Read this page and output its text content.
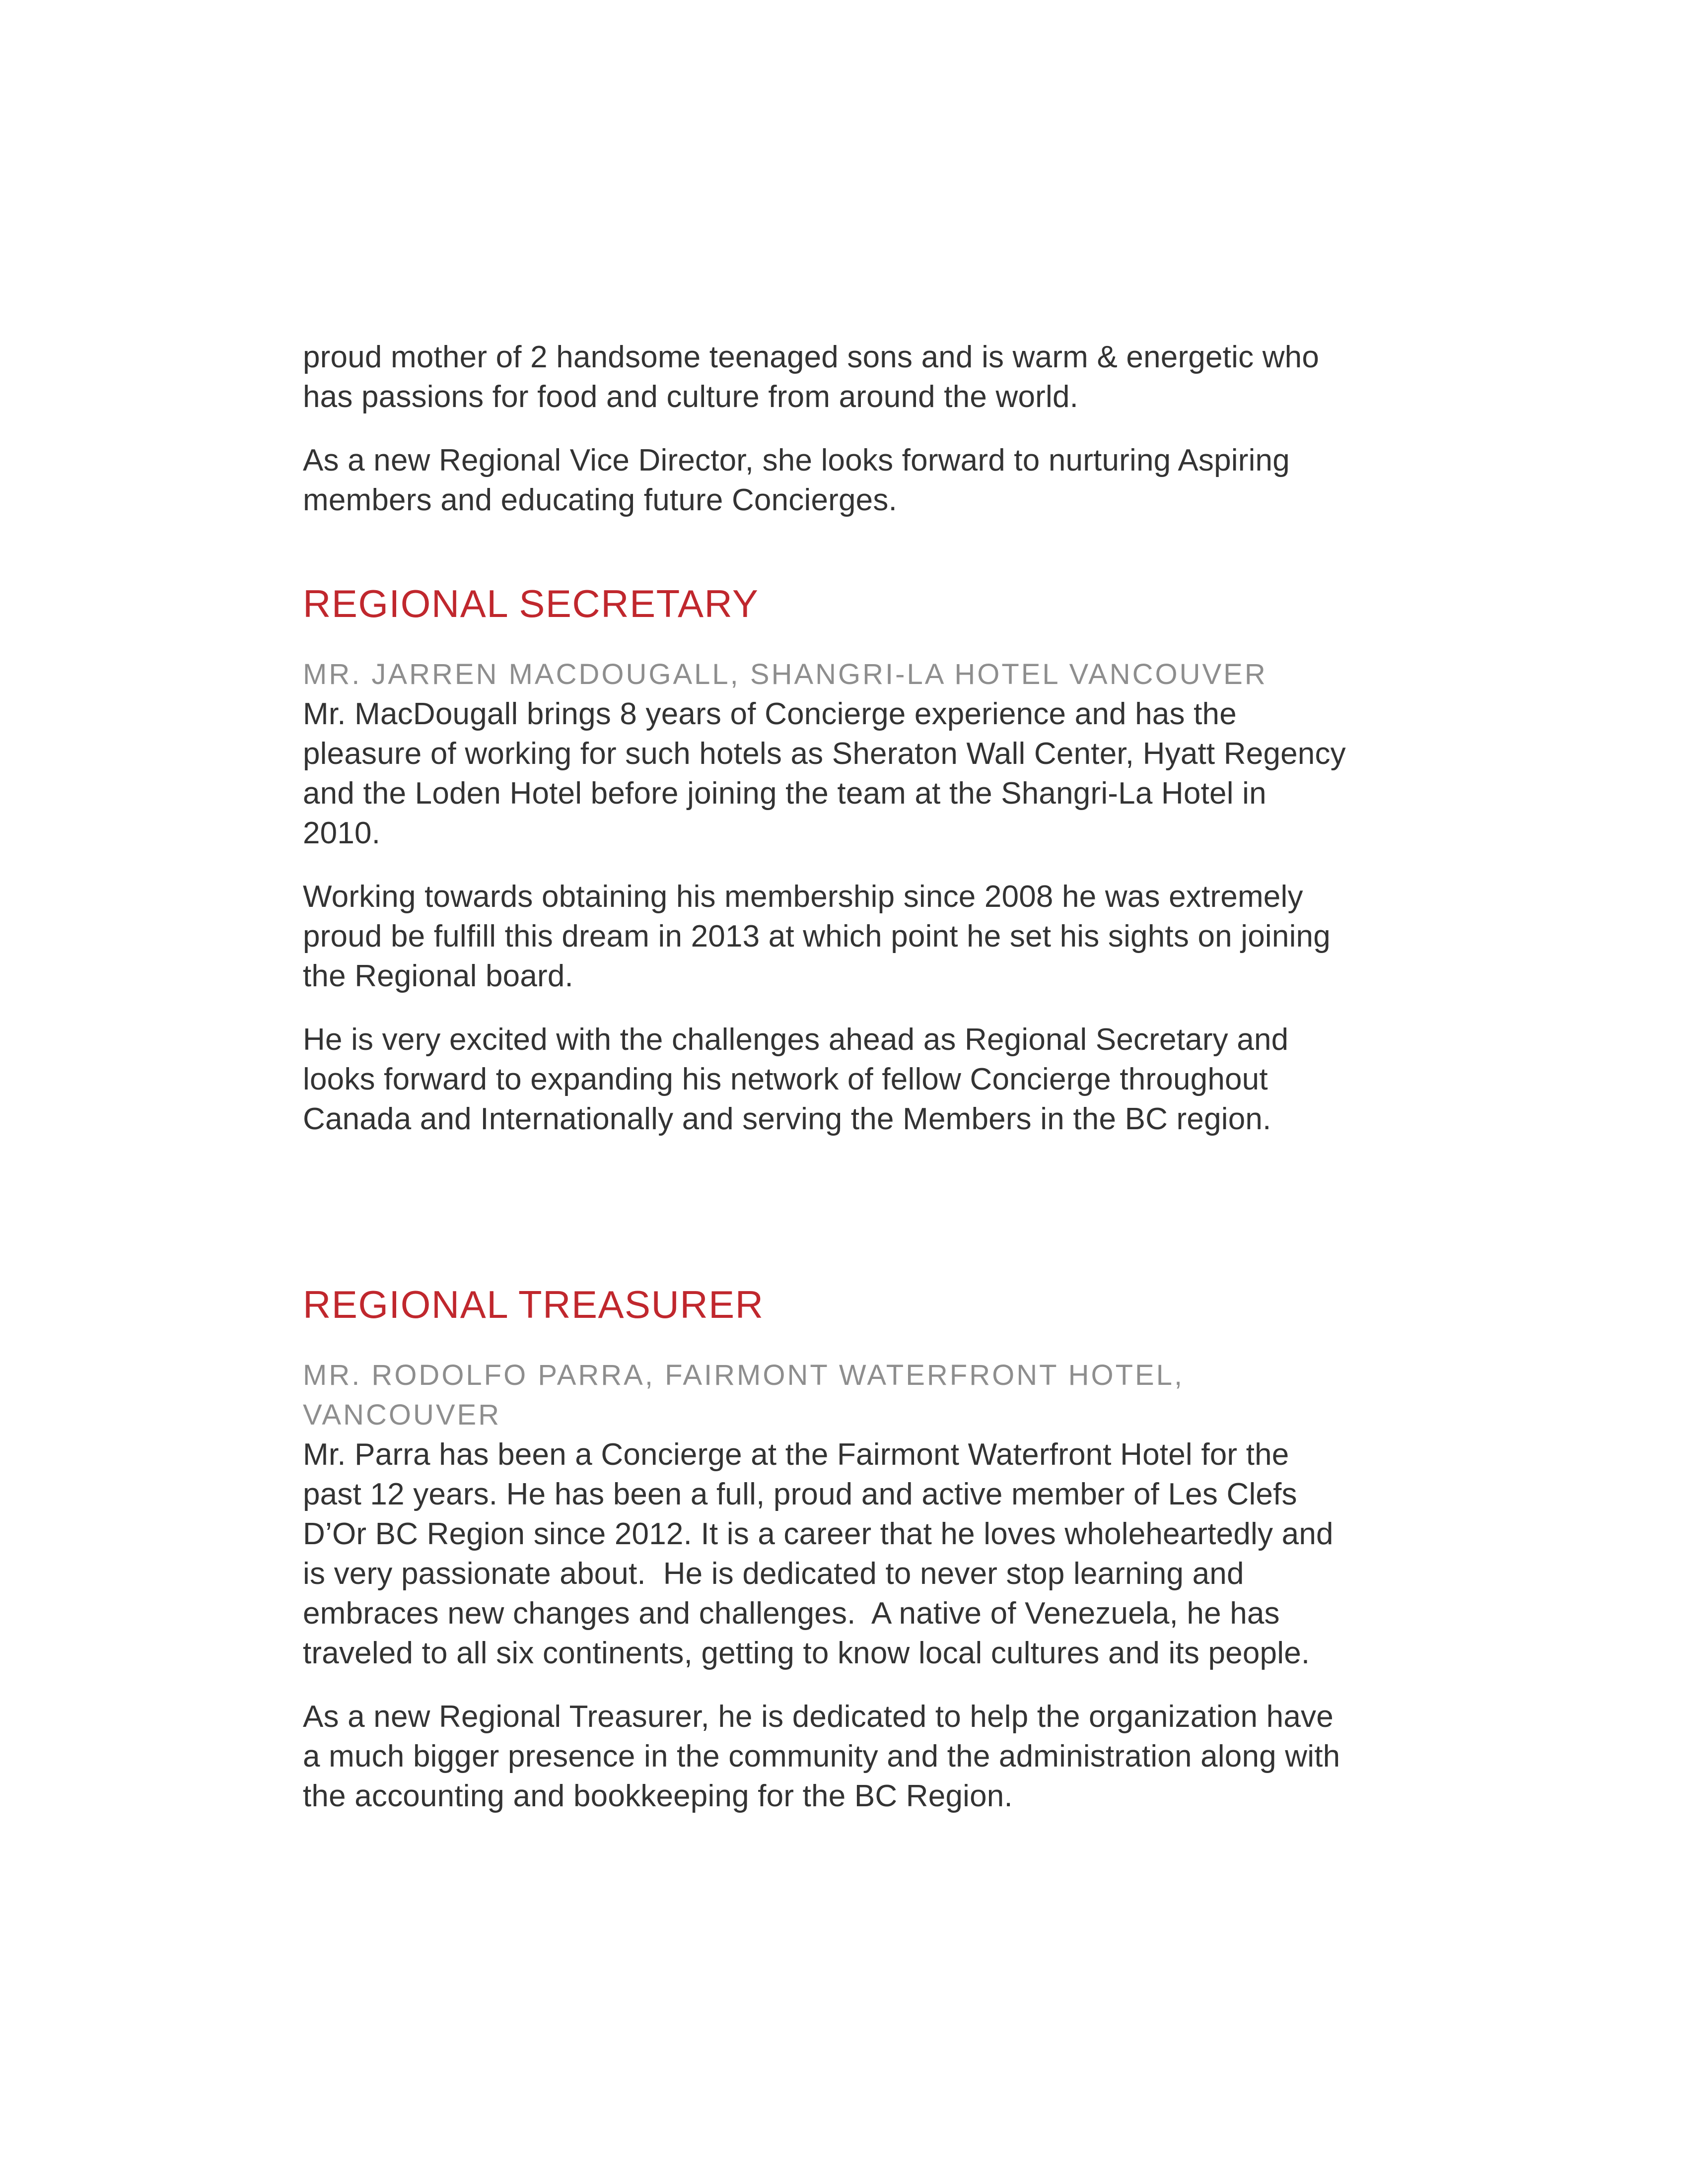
proud mother of 2 handsome teenaged sons and is warm & energetic who has passions for food and culture from around the world.

As a new Regional Vice Director, she looks forward to nurturing Aspiring members and educating future Concierges.

REGIONAL SECRETARY
MR. JARREN MACDOUGALL, SHANGRI-LA HOTEL VANCOUVER

Mr. MacDougall brings 8 years of Concierge experience and has the pleasure of working for such hotels as Sheraton Wall Center, Hyatt Regency and the Loden Hotel before joining the team at the Shangri-La Hotel in 2010.

Working towards obtaining his membership since 2008 he was extremely proud be fulfill this dream in 2013 at which point he set his sights on joining the Regional board.

He is very excited with the challenges ahead as Regional Secretary and looks forward to expanding his network of fellow Concierge throughout Canada and Internationally and serving the Members in the BC region.

REGIONAL TREASURER
MR. RODOLFO PARRA, FAIRMONT WATERFRONT HOTEL, VANCOUVER

Mr. Parra has been a Concierge at the Fairmont Waterfront Hotel for the past 12 years. He has been a full, proud and active member of Les Clefs D’Or BC Region since 2012. It is a career that he loves wholeheartedly and is very passionate about.  He is dedicated to never stop learning and embraces new changes and challenges.  A native of Venezuela, he has traveled to all six continents, getting to know local cultures and its people.

As a new Regional Treasurer, he is dedicated to help the organization have a much bigger presence in the community and the administration along with the accounting and bookkeeping for the BC Region.
